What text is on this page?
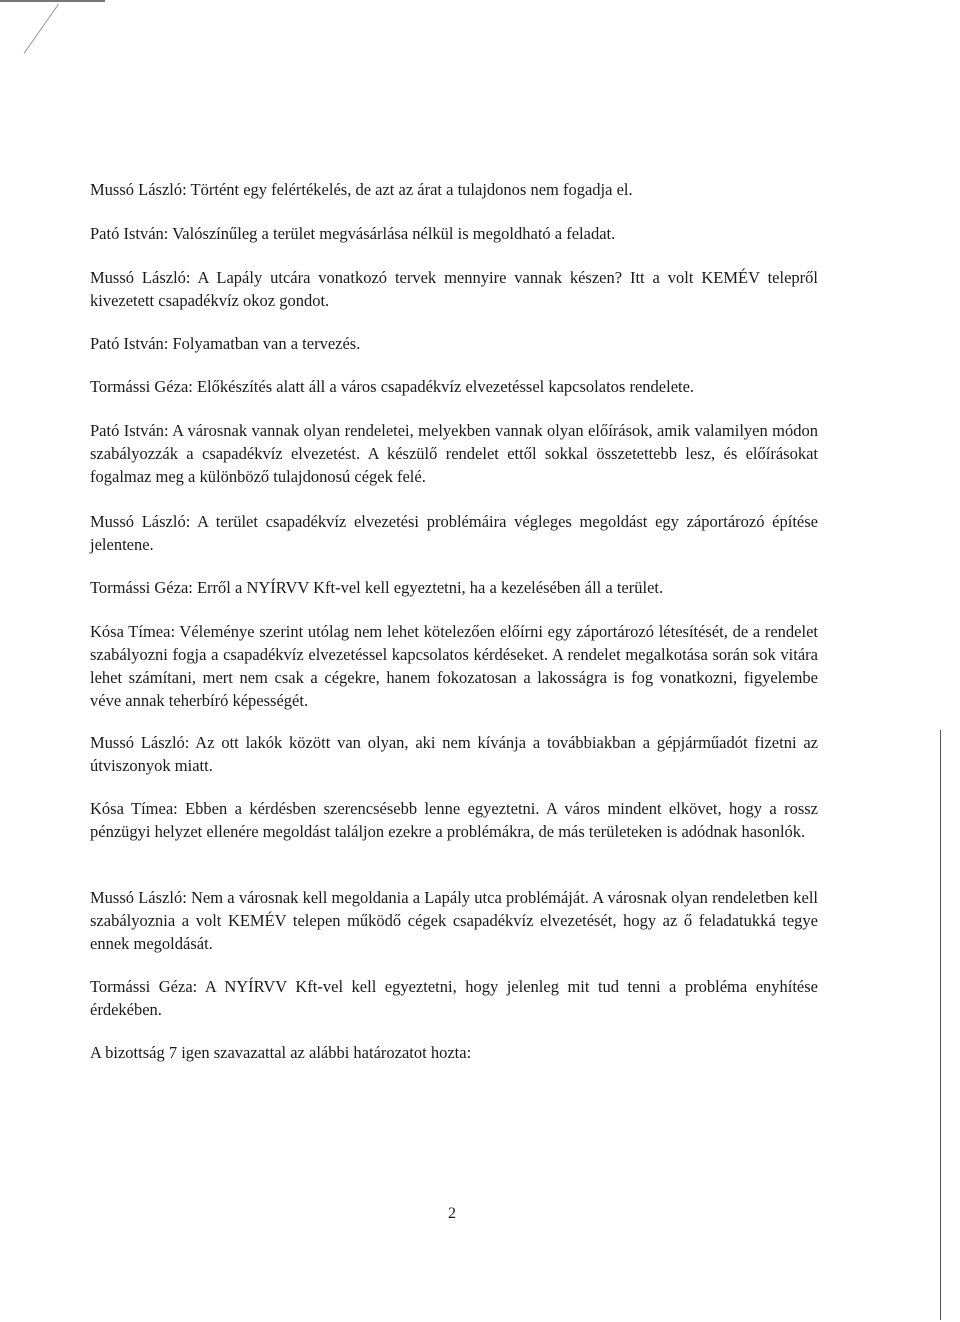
Mussó László: Történt egy felértékelés, de azt az árat a tulajdonos nem fogadja el.

Pató István: Valószínűleg a terület megvásárlása nélkül is megoldható a feladat.

Mussó László: A Lapály utcára vonatkozó tervek mennyire vannak készen? Itt a volt KEMÉV telepről kivezetett csapadékvíz okoz gondot.

Pató István: Folyamatban van a tervezés.

Tormássi Géza: Előkészítés alatt áll a város csapadékvíz elvezetéssel kapcsolatos rendelete.

Pató István: A városnak vannak olyan rendeletei, melyekben vannak olyan előírások, amik valamilyen módon szabályozzák a csapadékvíz elvezetést. A készülő rendelet ettől sokkal összetettebb lesz, és előírásokat fogalmaz meg a különböző tulajdonosú cégek felé.

Mussó László: A terület csapadékvíz elvezetési problémáira végleges megoldást egy záportározó építése jelentene.

Tormássi Géza: Erről a NYÍRVV Kft-vel kell egyeztetni, ha a kezelésében áll a terület.

Kósa Tímea: Véleménye szerint utólag nem lehet kötelezően előírni egy záportározó létesítését, de a rendelet szabályozni fogja a csapadékvíz elvezetéssel kapcsolatos kérdéseket. A rendelet megalkotása során sok vitára lehet számítani, mert nem csak a cégekre, hanem fokozatosan a lakosságra is fog vonatkozni, figyelembe véve annak teherbíró képességét.

Mussó László: Az ott lakók között van olyan, aki nem kívánja a továbbiakban a gépjárműadót fizetni az útviszonyok miatt.

Kósa Tímea: Ebben a kérdésben szerencsésebb lenne egyeztetni. A város mindent elkövet, hogy a rossz pénzügyi helyzet ellenére megoldást találjon ezekre a problémákra, de más területeken is adódnak hasonlók.

Mussó László: Nem a városnak kell megoldania a Lapály utca problémáját. A városnak olyan rendeletben kell szabályoznia a volt KEMÉV telepen működő cégek csapadékvíz elvezetését, hogy az ő feladatukká tegye ennek megoldását.

Tormássi Géza: A NYÍRVV Kft-vel kell egyeztetni, hogy jelenleg mit tud tenni a probléma enyhítése érdekében.

A bizottság 7 igen szavazattal az alábbi határozatot hozta:

2
